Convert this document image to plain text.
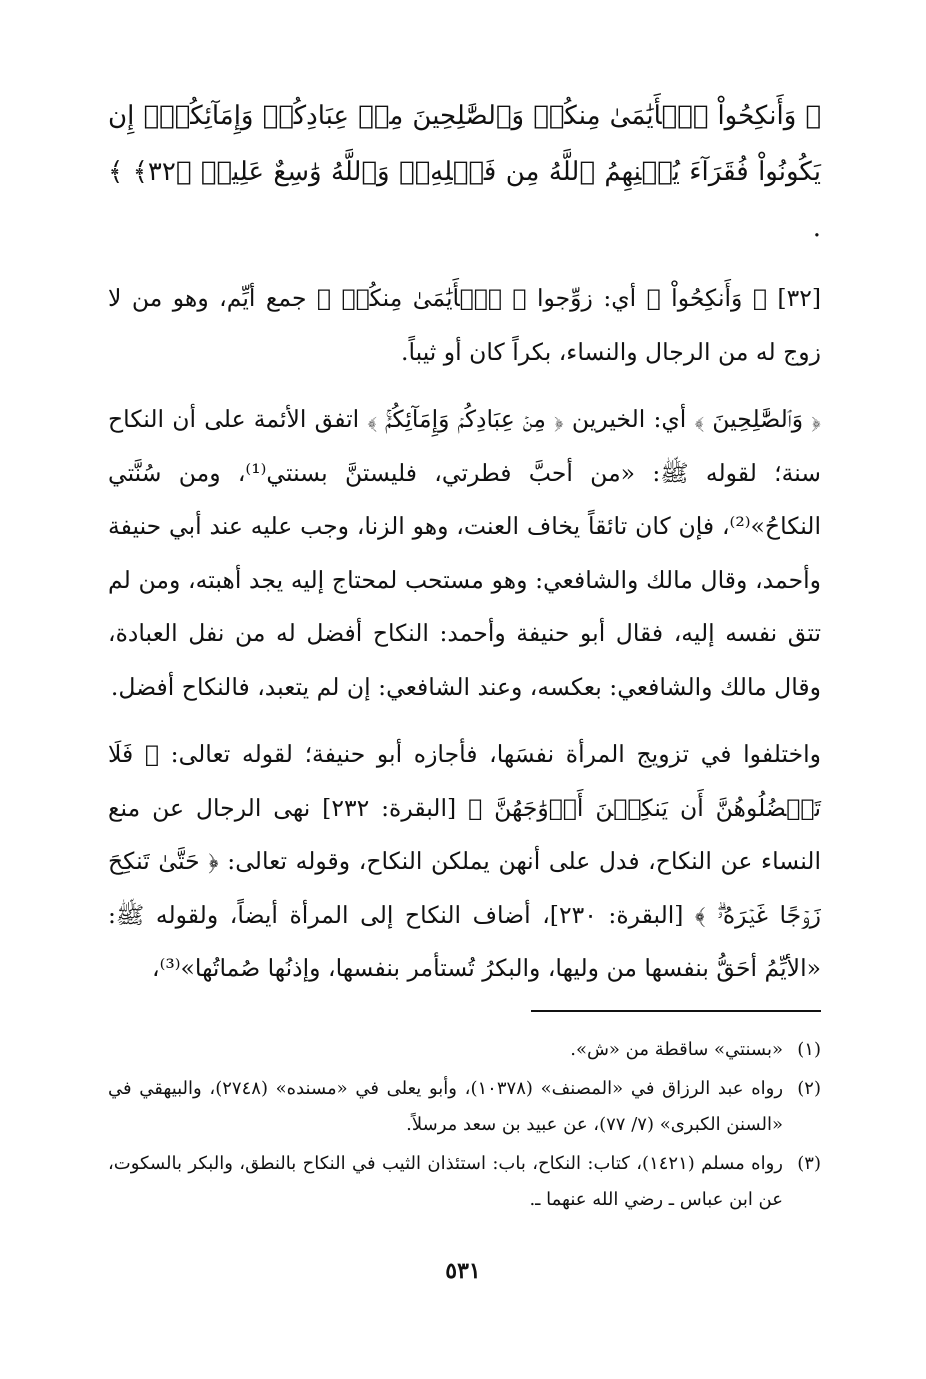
﴿ وَأَنكِحُواْ ٱلۡأَيَٰمَىٰ مِنكُمۡ وَٱلصَّٰلِحِينَ مِنۡ عِبَادِكُمۡ وَإِمَآئِكُمۡۚ إِن يَكُونُواْ فُقَرَآءَ يُغۡنِهِمُ ٱللَّهُ مِن فَضۡلِهِۦۗ وَٱللَّهُ وَٰسِعٌ عَلِيمٞ ﴿٣٢﴾ ﴾ .

[٣٢] ﴿ وَأَنكِحُواْ ﴾ أي: زوِّجوا ﴿ ٱلۡأَيَٰمَىٰ مِنكُمۡ ﴾ جمع أيِّم، وهو من لا زوج له من الرجال والنساء، بكراً كان أو ثيباً.

﴿ وَٱلصَّٰلِحِينَ ﴾ أي: الخيرين ﴿ مِنۡ عِبَادِكُمۡ وَإِمَآئِكُمۡۚ ﴾ اتفق الأئمة على أن النكاح سنة؛ لقوله ﷺ: «من أحبَّ فطرتي، فليستنَّ بسنتي⁽¹⁾، ومن سُنَّتي النكاحُ»⁽²⁾، فإن كان تائقاً يخاف العنت، وهو الزنا، وجب عليه عند أبي حنيفة وأحمد، وقال مالك والشافعي: وهو مستحب لمحتاج إليه يجد أهبته، ومن لم تتق نفسه إليه، فقال أبو حنيفة وأحمد: النكاح أفضل له من نفل العبادة، وقال مالك والشافعي: بعكسه، وعند الشافعي: إن لم يتعبد، فالنكاح أفضل.

واختلفوا في تزويج المرأة نفسَها، فأجازه أبو حنيفة؛ لقوله تعالى: ﴿ فَلَا تَعۡضُلُوهُنَّ أَن يَنكِحۡنَ أَزۡوَٰجَهُنَّ ﴾ [البقرة: ٢٣٢] نهى الرجال عن منع النساء عن النكاح، فدل على أنهن يملكن النكاح، وقوله تعالى: ﴿ حَتَّىٰ تَنكِحَ زَوۡجًا غَيۡرَهُۥۗ ﴾ [البقرة: ٢٣٠]، أضاف النكاح إلى المرأة أيضاً، ولقوله ﷺ: «الأيِّمُ أحَقُّ بنفسها من وليها، والبكرُ تُستأمر بنفسها، وإذنُها صُماتُها»⁽³⁾،

(١)
«بسنتي» ساقطة من «ش».
(٢)
رواه عبد الرزاق في «المصنف» (١٠٣٧٨)، وأبو يعلى في «مسنده» (٢٧٤٨)، والبيهقي في «السنن الكبرى» (٧/ ٧٧)، عن عبيد بن سعد مرسلاً.
(٣)
رواه مسلم (١٤٢١)، كتاب: النكاح، باب: استئذان الثيب في النكاح بالنطق، والبكر بالسكوت، عن ابن عباس ـ رضي الله عنهما ـ.
٥٣١
